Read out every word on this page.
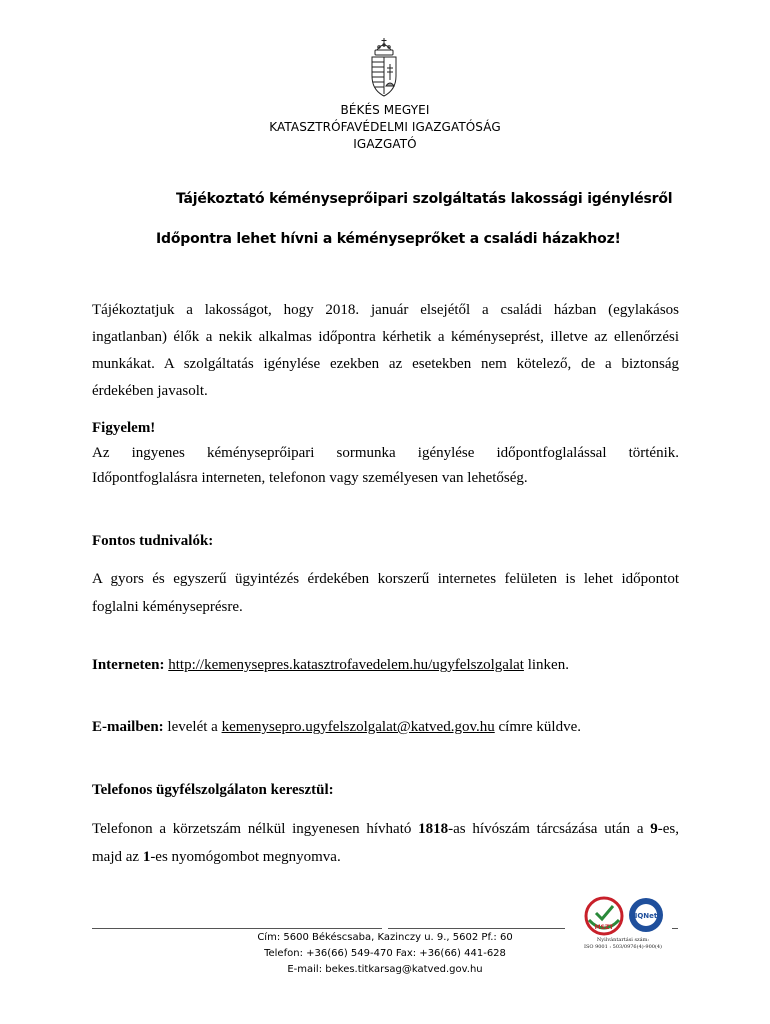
BÉKÉS MEGYEI
KATASZTRÓFAVÉDELMI IGAZGATÓSÁG
IGAZGATÓ
Tájékoztató kéményseprőipari szolgáltatás lakossági igénylésről
Időpontra lehet hívni a kéményseprőket a családi házakhoz!
Tájékoztatjuk a lakosságot, hogy 2018. január elsejétől a családi házban (egylakásos
ingatlanban) élők a nekik alkalmas időpontra kérhetik a kéményseprést, illetve az ellenőrzési
munkákat. A szolgáltatás igénylése ezekben az esetekben nem kötelező, de a biztonság
érdekében javasolt.
Figyelem!
Az ingyenes kéményseprőipari sormunka igénylése időpontfoglalással történik.
Időpontfoglalásra interneten, telefonon vagy személyesen van lehetőség.
Fontos tudnivalók:
A gyors és egyszerű ügyintézés érdekében korszerű internetes felületen is lehet időpontot
foglalni kéményseprésre.
Interneten: http://kemenysepres.katasztrofavedelem.hu/ugyfelszolgalat linken.
E-mailben: levelét a kemenysepro.ugyfelszolgalat@katved.gov.hu címre küldve.
Telefonos ügyfélszolgálaton keresztül:
Telefonon a körzetszám nélkül ingyenesen hívható 1818-as hívószám tárcsázása után a 9-es,
majd az 1-es nyomógombot megnyomva.
Cím: 5600 Békéscsaba, Kazinczy u. 9., 5602 Pf.: 60
Telefon: +36(66) 549-470 Fax: +36(66) 441-628
E-mail: bekes.titkarsag@katved.gov.hu
MSZT
IQNet
Nyilvántartási szám:
ISO 9001 : 503/0976(4)-900(4)
